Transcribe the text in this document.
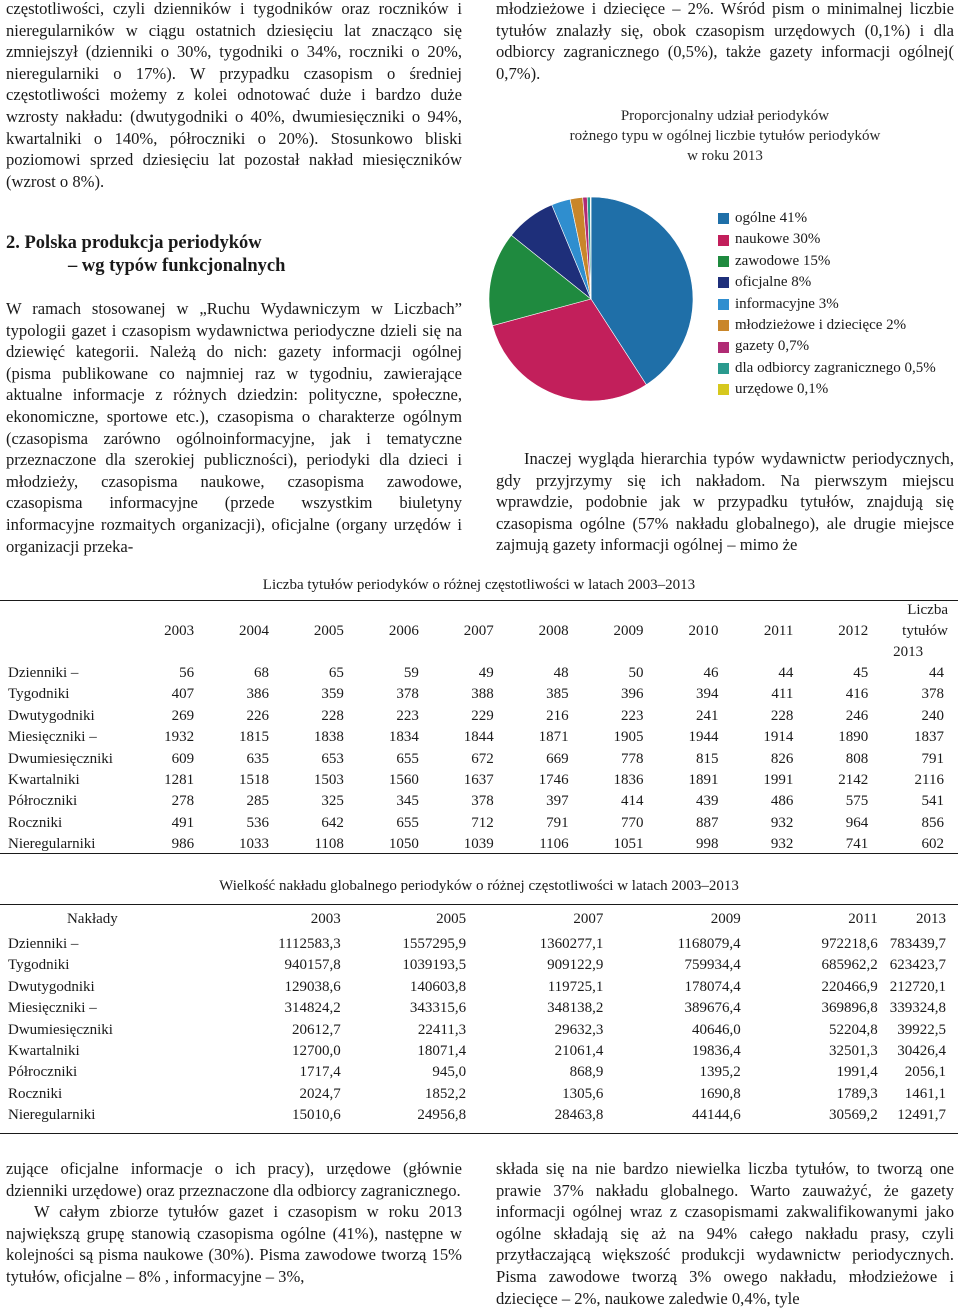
częstotliwości, czyli dzienników i tygodników oraz roczników i nieregularników w ciągu ostatnich dziesięciu lat znacząco się zmniejszył (dzienniki o 30%, tygodniki o 34%, roczniki o 20%, nieregularniki o 17%). W przypadku czasopism o średniej częstotliwości możemy z kolei odnotować duże i bardzo duże wzrosty nakładu: (dwutygodniki o 40%, dwumiesięczniki o 94%, kwartalniki o 140%, półroczniki o 20%). Stosunkowo bliski poziomowi sprzed dziesięciu lat pozostał nakład miesięczników (wzrost o 8%).

2. Polska produkcja periodyków
– wg typów funkcjonalnych

W ramach stosowanej w „Ruchu Wydawniczym w Liczbach” typologii gazet i czasopism wydawnictwa periodyczne dzieli się na dziewięć kategorii. Należą do nich: gazety informacji ogólnej (pisma publikowane co najmniej raz w tygodniu, zawierające aktualne informacje z różnych dziedzin: polityczne, społeczne, ekonomiczne, sportowe etc.), czasopisma o charakterze ogólnym (czasopisma zarówno ogólnoinformacyjne, jak i tematyczne przeznaczone dla szerokiej publiczności), periodyki dla dzieci i młodzieży, czasopisma naukowe, czasopisma zawodowe, czasopisma informacyjne (przede wszystkim biuletyny informacyjne rozmaitych organizacji), oficjalne (organy urzędów i organizacji przeka-

młodzieżowe i dziecięce – 2%. Wśród pism o minimalnej liczbie tytułów znalazły się, obok czasopism urzędowych (0,1%) i dla odbiorcy zagranicznego (0,5%), także gazety informacji ogólnej( 0,7%).

Proporcjonalny udział periodyków
rożnego typu w ogólnej liczbie tytułów periodyków
w roku 2013
ogólne 41%
naukowe 30%
zawodowe 15%
oficjalne 8%
informacyjne 3%
młodzieżowe i dziecięce 2%
gazety 0,7%
dla odbiorcy zagranicznego 0,5%
urzędowe 0,1%

Inaczej wygląda hierarchia typów wydawnictw periodycznych, gdy przyjrzymy się ich nakładom. Na pierwszym miejscu wprawdzie, podobnie jak w przypadku tytułów, znajdują się czasopisma ogólne (57% nakładu globalnego), ale drugie miejsce zajmują gazety informacji ogólnej – mimo że

Liczba tytułów periodyków o różnej częstotliwości w latach 2003–2013
	2003	2004	2005	2006	2007	2008	2009	2010	2011	2012	Liczba tytułów
2013

Dzienniki –	56	68	65	59	49	48	50	46	44	45	44
Tygodniki	407	386	359	378	388	385	396	394	411	416	378
Dwutygodniki	269	226	228	223	229	216	223	241	228	246	240
Miesięczniki –	1932	1815	1838	1834	1844	1871	1905	1944	1914	1890	1837
Dwumiesięczniki	609	635	653	655	672	669	778	815	826	808	791
Kwartalniki	1281	1518	1503	1560	1637	1746	1836	1891	1991	2142	2116
Półroczniki	278	285	325	345	378	397	414	439	486	575	541
Roczniki	491	536	642	655	712	791	770	887	932	964	856
Nieregularniki	986	1033	1108	1050	1039	1106	1051	998	932	741	602
Wielkość nakładu globalnego periodyków o różnej częstotliwości w latach 2003–2013
Nakłady		2003	2005	2007	2009	2011	2013
Dzienniki –		1112583,3	1557295,9	1360277,1	1168079,4	972218,6	783439,7
Tygodniki		940157,8	1039193,5	909122,9	759934,4	685962,2	623423,7
Dwutygodniki		129038,6	140603,8	119725,1	178074,4	220466,9	212720,1
Miesięczniki –		314824,2	343315,6	348138,2	389676,4	369896,8	339324,8
Dwumiesięczniki		20612,7	22411,3	29632,3	40646,0	52204,8	39922,5
Kwartalniki		12700,0	18071,4	21061,4	19836,4	32501,3	30426,4
Półroczniki		1717,4	945,0	868,9	1395,2	1991,4	2056,1
Roczniki		2024,7	1852,2	1305,6	1690,8	1789,3	1461,1
Nieregularniki		15010,6	24956,8	28463,8	44144,6	30569,2	12491,7

zujące oficjalne informacje o ich pracy), urzędowe (głównie dzienniki urzędowe) oraz przeznaczone dla odbiorcy zagranicznego.

W całym zbiorze tytułów gazet i czasopism w roku 2013 największą grupę stanowią czasopisma ogólne (41%), następne w kolejności są pisma naukowe (30%). Pisma zawodowe tworzą 15% tytułów, oficjalne – 8% , informacyjne – 3%,

składa się na nie bardzo niewielka liczba tytułów, to tworzą one prawie 37% nakładu globalnego. Warto zauważyć, że gazety informacji ogólnej wraz z czasopismami zakwalifikowanymi jako ogólne składają się aż na 94% całego nakładu prasy, czyli przytłaczającą większość produkcji wydawnictw periodycznych. Pisma zawodowe tworzą 3% owego nakładu, młodzieżowe i dziecięce – 2%, naukowe zaledwie 0,4%, tyle
